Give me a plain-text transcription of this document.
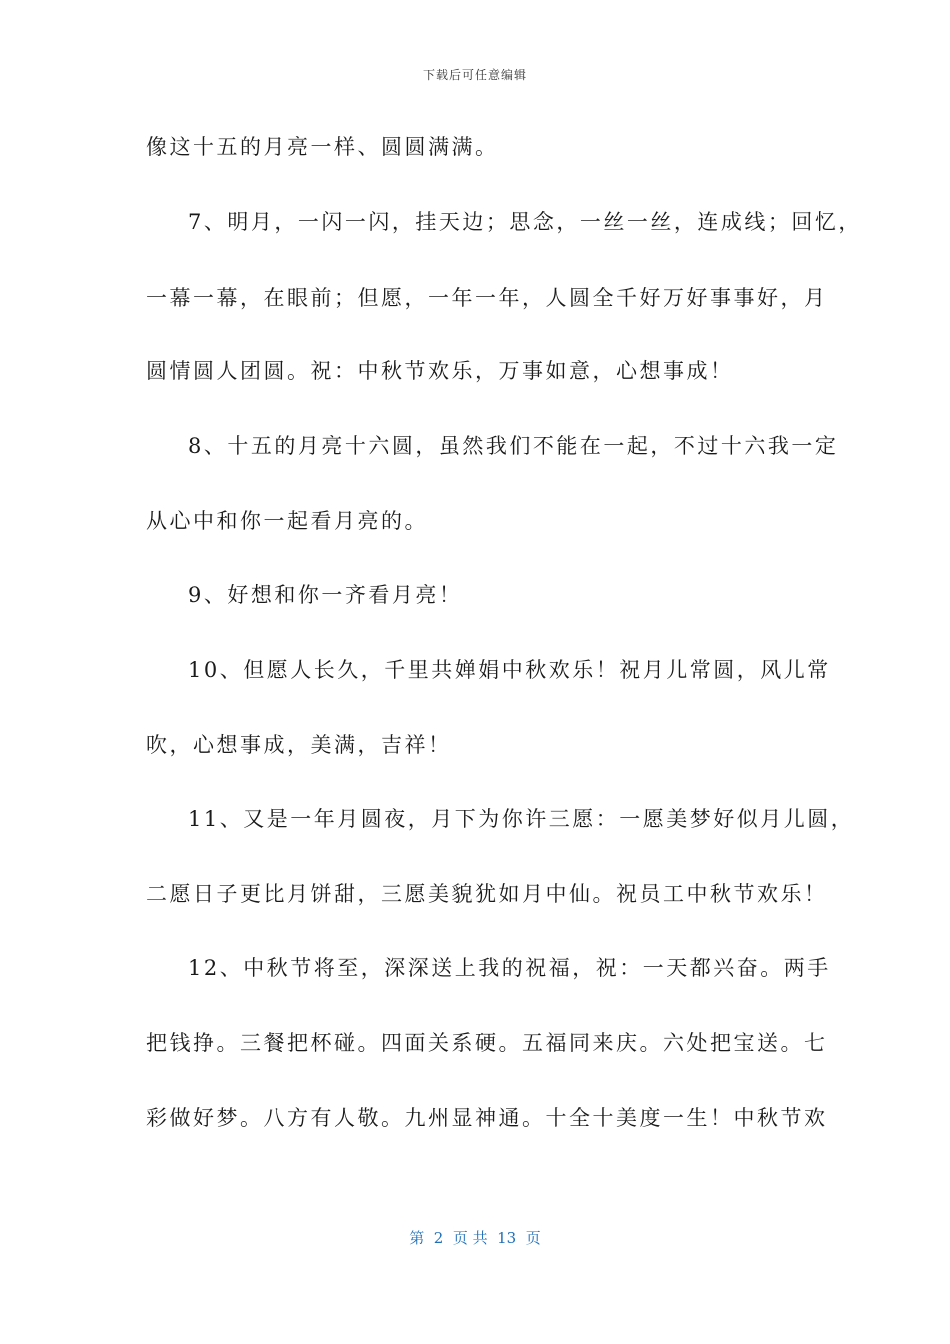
下载后可任意编辑
像这十五的月亮一样、圆圆满满。
7、明月，一闪一闪，挂天边；思念，一丝一丝，连成线；回忆，
一幕一幕，在眼前；但愿，一年一年，人圆全千好万好事事好，月
圆情圆人团圆。祝：中秋节欢乐，万事如意，心想事成！
8、十五的月亮十六圆，虽然我们不能在一起，不过十六我一定
从心中和你一起看月亮的。
9、好想和你一齐看月亮！
10、但愿人长久，千里共婵娟中秋欢乐！祝月儿常圆，风儿常
吹，心想事成，美满，吉祥！
11、又是一年月圆夜，月下为你许三愿：一愿美梦好似月儿圆，
二愿日子更比月饼甜，三愿美貌犹如月中仙。祝员工中秋节欢乐！
12、中秋节将至，深深送上我的祝福，祝：一天都兴奋。两手
把钱挣。三餐把杯碰。四面关系硬。五福同来庆。六处把宝送。七
彩做好梦。八方有人敬。九州显神通。十全十美度一生！中秋节欢
第  2  页 共  13  页
